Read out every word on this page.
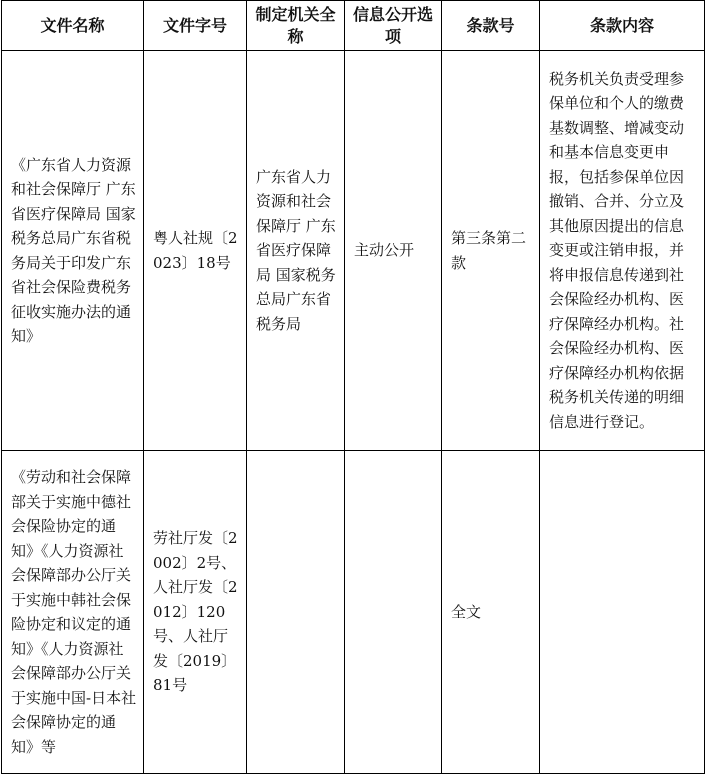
文件名称	文件字号	制定机关全称	信息公开选项	条款号	条款内容
《广东省人力资源和社会保障厅 广东省医疗保障局 国家税务总局广东省税务局关于印发广东省社会保险费税务征收实施办法的通知》	粤人社规〔2023〕18号	广东省人力资源和社会保障厅 广东省医疗保障局 国家税务总局广东省税务局	主动公开	第三条第二款	税务机关负责受理参保单位和个人的缴费基数调整、增减变动和基本信息变更申报，包括参保单位因撤销、合并、分立及其他原因提出的信息变更或注销申报，并将申报信息传递到社会保险经办机构、医疗保障经办机构。社会保险经办机构、医疗保障经办机构依据税务机关传递的明细信息进行登记。
《劳动和社会保障部关于实施中德社会保险协定的通知》《人力资源社会保障部办公厅关于实施中韩社会保险协定和议定的通知》《人力资源社会保障部办公厅关于实施中国-日本社会保障协定的通知》等	劳社厅发〔2002〕2号、人社厅发〔2012〕120号、人社厅发〔2019〕81号			全文	
